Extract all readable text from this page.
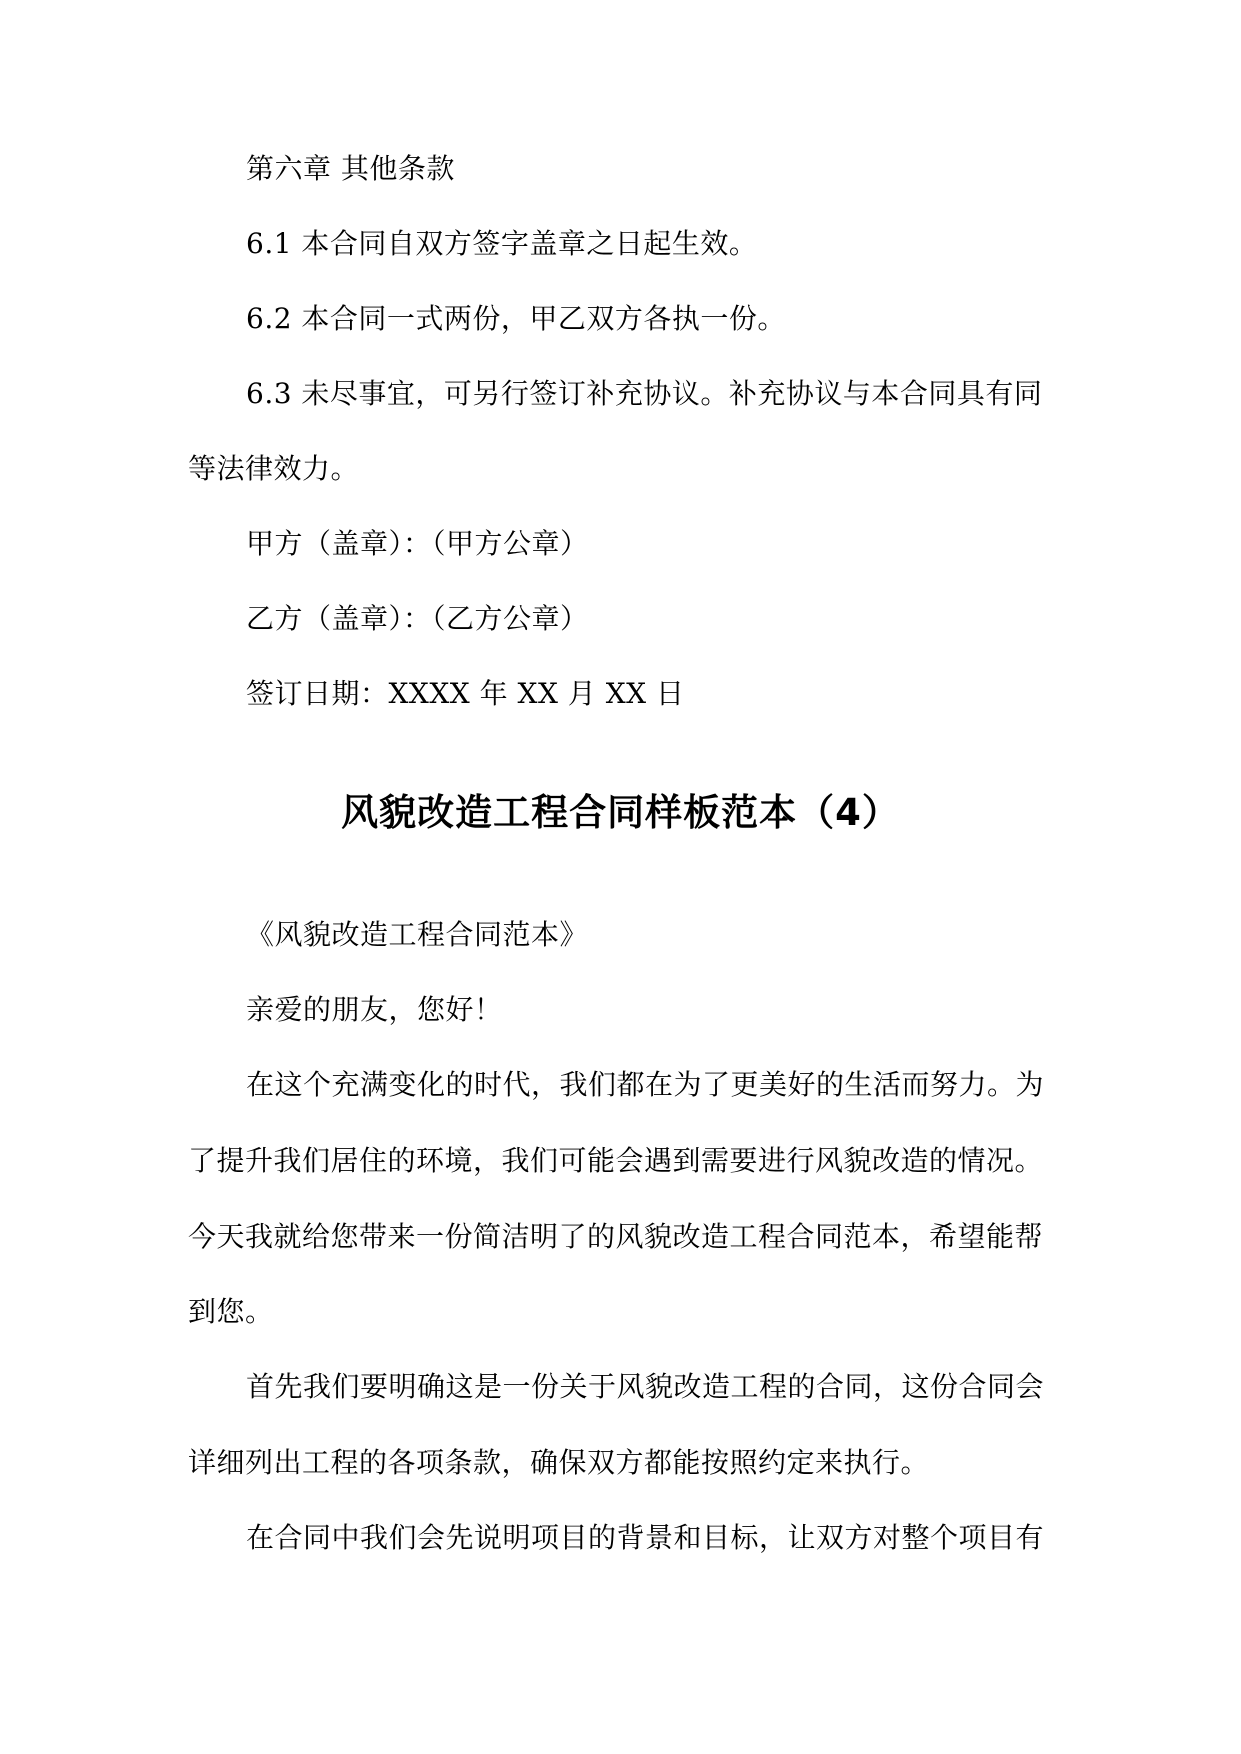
第六章 其他条款
6.1 本合同自双方签字盖章之日起生效。
6.2 本合同一式两份，甲乙双方各执一份。
6.3 未尽事宜，可另行签订补充协议。补充协议与本合同具有同
等法律效力。
甲方（盖章）：（甲方公章）
乙方（盖章）：（乙方公章）
签订日期：XXXX 年 XX 月 XX 日
风貌改造工程合同样板范本（4）
《风貌改造工程合同范本》
亲爱的朋友，您好！
在这个充满变化的时代，我们都在为了更美好的生活而努力。为
了提升我们居住的环境，我们可能会遇到需要进行风貌改造的情况。
今天我就给您带来一份简洁明了的风貌改造工程合同范本，希望能帮
到您。
首先我们要明确这是一份关于风貌改造工程的合同，这份合同会
详细列出工程的各项条款，确保双方都能按照约定来执行。
在合同中我们会先说明项目的背景和目标，让双方对整个项目有
